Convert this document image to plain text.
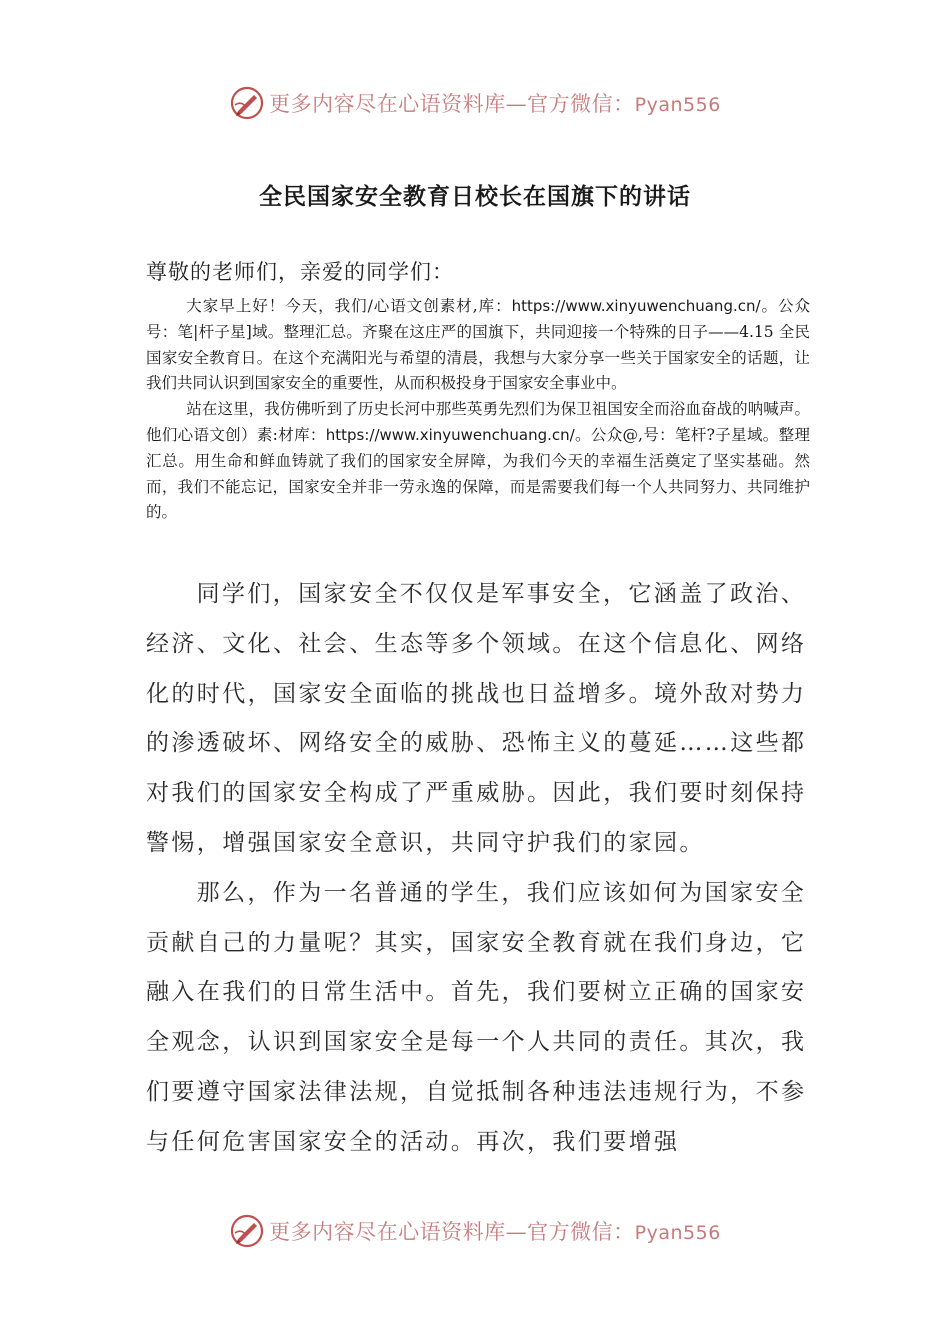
更多内容尽在心语资料库—官方微信：Pyan556
全民国家安全教育日校长在国旗下的讲话
尊敬的老师们，亲爱的同学们：

大家早上好！今天，我们/心语文创素材,库：https://www.xinyuwenchuang.cn/。公众号：笔|杆子星]域。整理汇总。齐聚在这庄严的国旗下，共同迎接一个特殊的日子——4.15 全民国家安全教育日。在这个充满阳光与希望的清晨，我想与大家分享一些关于国家安全的话题，让我们共同认识到国家安全的重要性，从而积极投身于国家安全事业中。

站在这里，我仿佛听到了历史长河中那些英勇先烈们为保卫祖国安全而浴血奋战的呐喊声。他们心语文创）素:材库：https://www.xinyuwenchuang.cn/。公众@,号：笔杆?子星域。整理汇总。用生命和鲜血铸就了我们的国家安全屏障，为我们今天的幸福生活奠定了坚实基础。然而，我们不能忘记，国家安全并非一劳永逸的保障，而是需要我们每一个人共同努力、共同维护的。

同学们，国家安全不仅仅是军事安全，它涵盖了政治、经济、文化、社会、生态等多个领域。在这个信息化、网络化的时代，国家安全面临的挑战也日益增多。境外敌对势力的渗透破坏、网络安全的威胁、恐怖主义的蔓延……这些都对我们的国家安全构成了严重威胁。因此，我们要时刻保持警惕，增强国家安全意识，共同守护我们的家园。

那么，作为一名普通的学生，我们应该如何为国家安全贡献自己的力量呢？其实，国家安全教育就在我们身边，它融入在我们的日常生活中。首先，我们要树立正确的国家安全观念，认识到国家安全是每一个人共同的责任。其次，我们要遵守国家法律法规，自觉抵制各种违法违规行为，不参与任何危害国家安全的活动。再次，我们要增强

更多内容尽在心语资料库—官方微信：Pyan556
